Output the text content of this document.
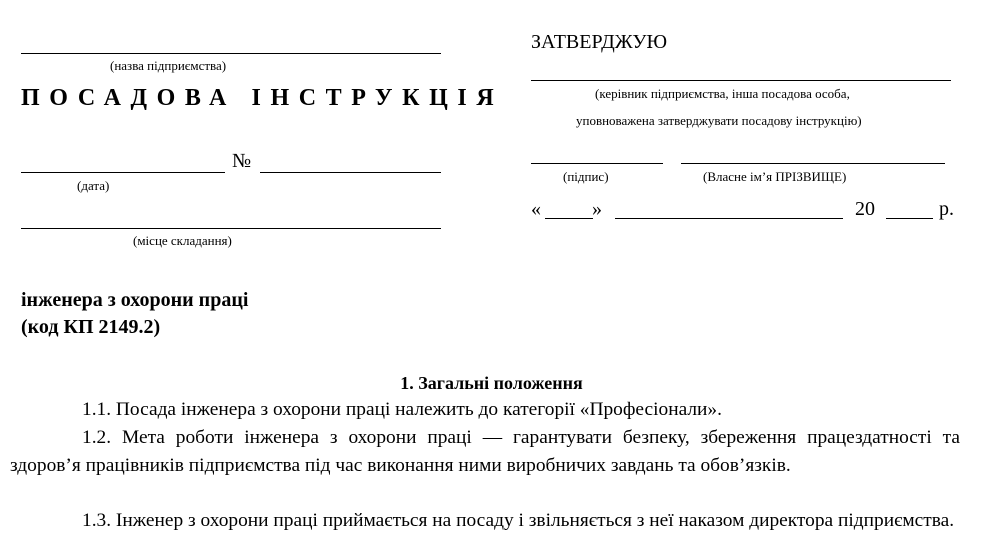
(назва підприємства)
ПОСАДОВА ІНСТРУКЦІЯ
№
(дата)
(місце складання)
ЗАТВЕРДЖУЮ
(керівник підприємства, інша посадова особа,
уповноважена затверджувати посадову інструкцію)
(підпис)	(Власне ім’я ПРІЗВИЩЕ)
«	»	20	р.
інженера з охорони праці
(код КП 2149.2)
1. Загальні положення
1.1. Посада інженера з охорони праці належить до категорії «Професіонали».
1.2. Мета роботи інженера з охорони праці — гарантувати безпеку, збереження працездатності та здоров’я працівників підприємства під час виконання ними виробничих завдань та обов’язків.
1.3. Інженер з охорони праці приймається на посаду і звільняється з неї наказом директора підприємства.
